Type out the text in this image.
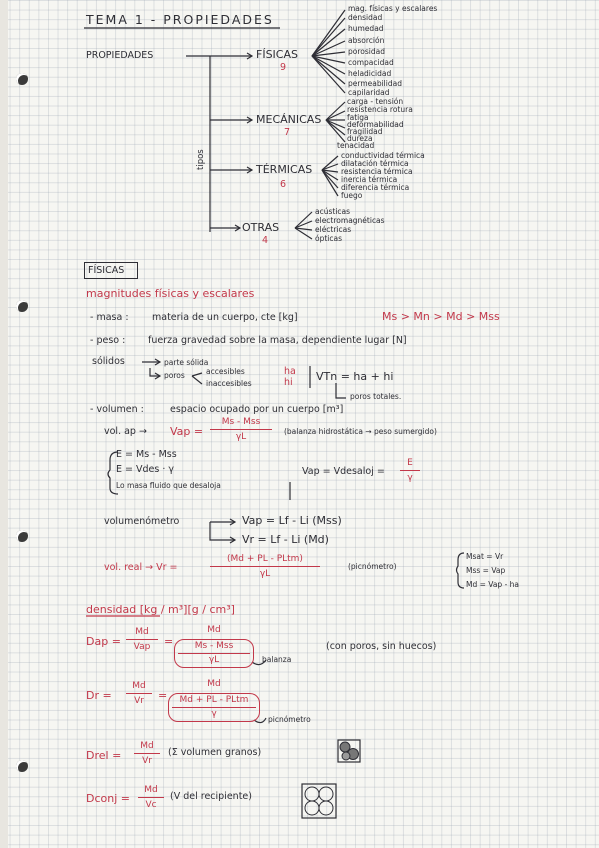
TEMA 1 - PROPIEDADES
PROPIEDADES
tipos
FÍSICAS
9
mag. físicas y escalares
densidad
humedad
absorción
porosidad
compacidad
heladicidad
permeabilidad
capilaridad
MECÁNICAS
7
carga - tensión
resistencia rotura
fatiga
deformabilidad
fragilidad
dureza
tenacidad
TÉRMICAS
6
conductividad térmica
dilatación térmica
resistencia térmica
inercia térmica
diferencia térmica
fuego
OTRAS
4
acústicas
electromagnéticas
eléctricas
ópticas
FÍSICAS
magnitudes físicas y escalares
- masa : materia de un cuerpo, cte [kg]	Ms > Mn > Md > Mss
- peso : fuerza gravedad sobre la masa, dependiente lugar [N]
sólidos	parte sólida
poros	accesibles	ha
inaccesibles	hi VTn = ha + hi
poros totales.
- volumen :	espacio ocupado por un cuerpo [m³]
vol. ap → Vap =
Ms - Mss
γL
(balanza hidrostática → peso sumergido)
E = Ms - Mss
E = Vdes · γ
Lo masa fluido que desaloja
Vap = Vdesaloj = $\frac{E}{\gamma}$
volumenómetro	Vap = Lf - Li (Mss)
Vr = Lf - Li (Md)
vol. real → Vr =
(Md + PL - PLtm)
γL
(picnómetro)
Msat = Vr
Mss = Vap
Md = Vap - ha
densidad [kg / m³][g / cm³]
Dap =
Md
Vap	=
Md
Ms - Mss
γL	balanza
(con poros, sin huecos)
$Dr = \frac{Md}{Vr}$ =
Md
Md + PL - PLtm
γ
picnómetro
Drel = $\frac{Md}{Vr} (\Sigma$ volumen granos)
Dconj = $\frac{Md}{Vc} (V$ del recipiente)
